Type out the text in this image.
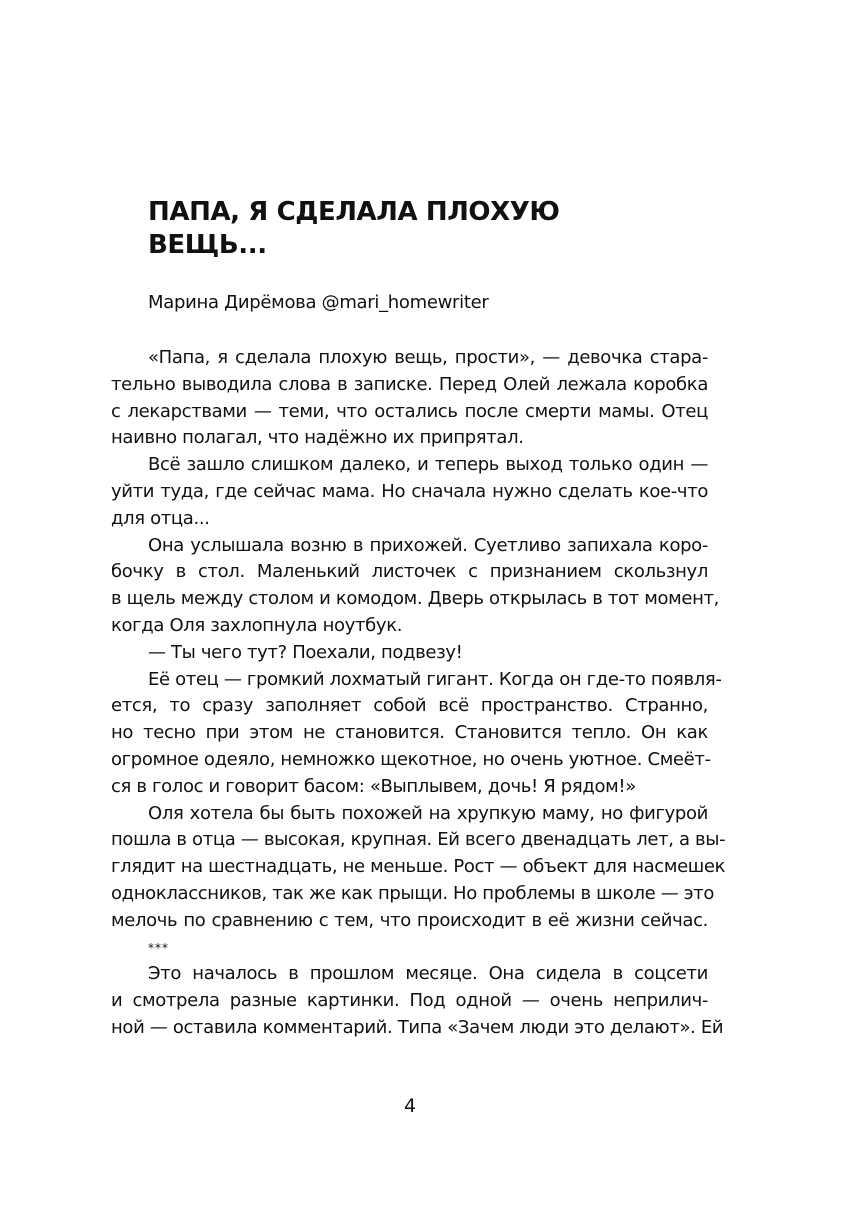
ПАПА, Я СДЕЛАЛА ПЛОХУЮ
ВЕЩЬ...
Марина Дирёмова @mari_homewriter
«Папа, я сделала плохую вещь, прости», — девочка стара-
тельно выводила слова в записке. Перед Олей лежала коробка
с лекарствами — теми, что остались после смерти мамы. Отец
наивно полагал, что надёжно их припрятал.
Всё зашло слишком далеко, и теперь выход только один —
уйти туда, где сейчас мама. Но сначала нужно сделать кое-что
для отца...
Она услышала возню в прихожей. Суетливо запихала коро-
бочку в стол. Маленький листочек с признанием скользнул
в щель между столом и комодом. Дверь открылась в тот момент,
когда Оля захлопнула ноутбук.
— Ты чего тут? Поехали, подвезу!
Её отец — громкий лохматый гигант. Когда он где-то появля-
ется, то сразу заполняет собой всё пространство. Странно,
но тесно при этом не становится. Становится тепло. Он как
огромное одеяло, немножко щекотное, но очень уютное. Смеёт-
ся в голос и говорит басом: «Выплывем, дочь! Я рядом!»
Оля хотела бы быть похожей на хрупкую маму, но фигурой
пошла в отца — высокая, крупная. Ей всего двенадцать лет, а вы-
глядит на шестнадцать, не меньше. Рост — объект для насмешек
одноклассников, так же как прыщи. Но проблемы в школе — это
мелочь по сравнению с тем, что происходит в её жизни сейчас.
***
Это началось в прошлом месяце. Она сидела в соцсети
и смотрела разные картинки. Под одной — очень неприлич-
ной — оставила комментарий. Типа «Зачем люди это делают». Ей
4
